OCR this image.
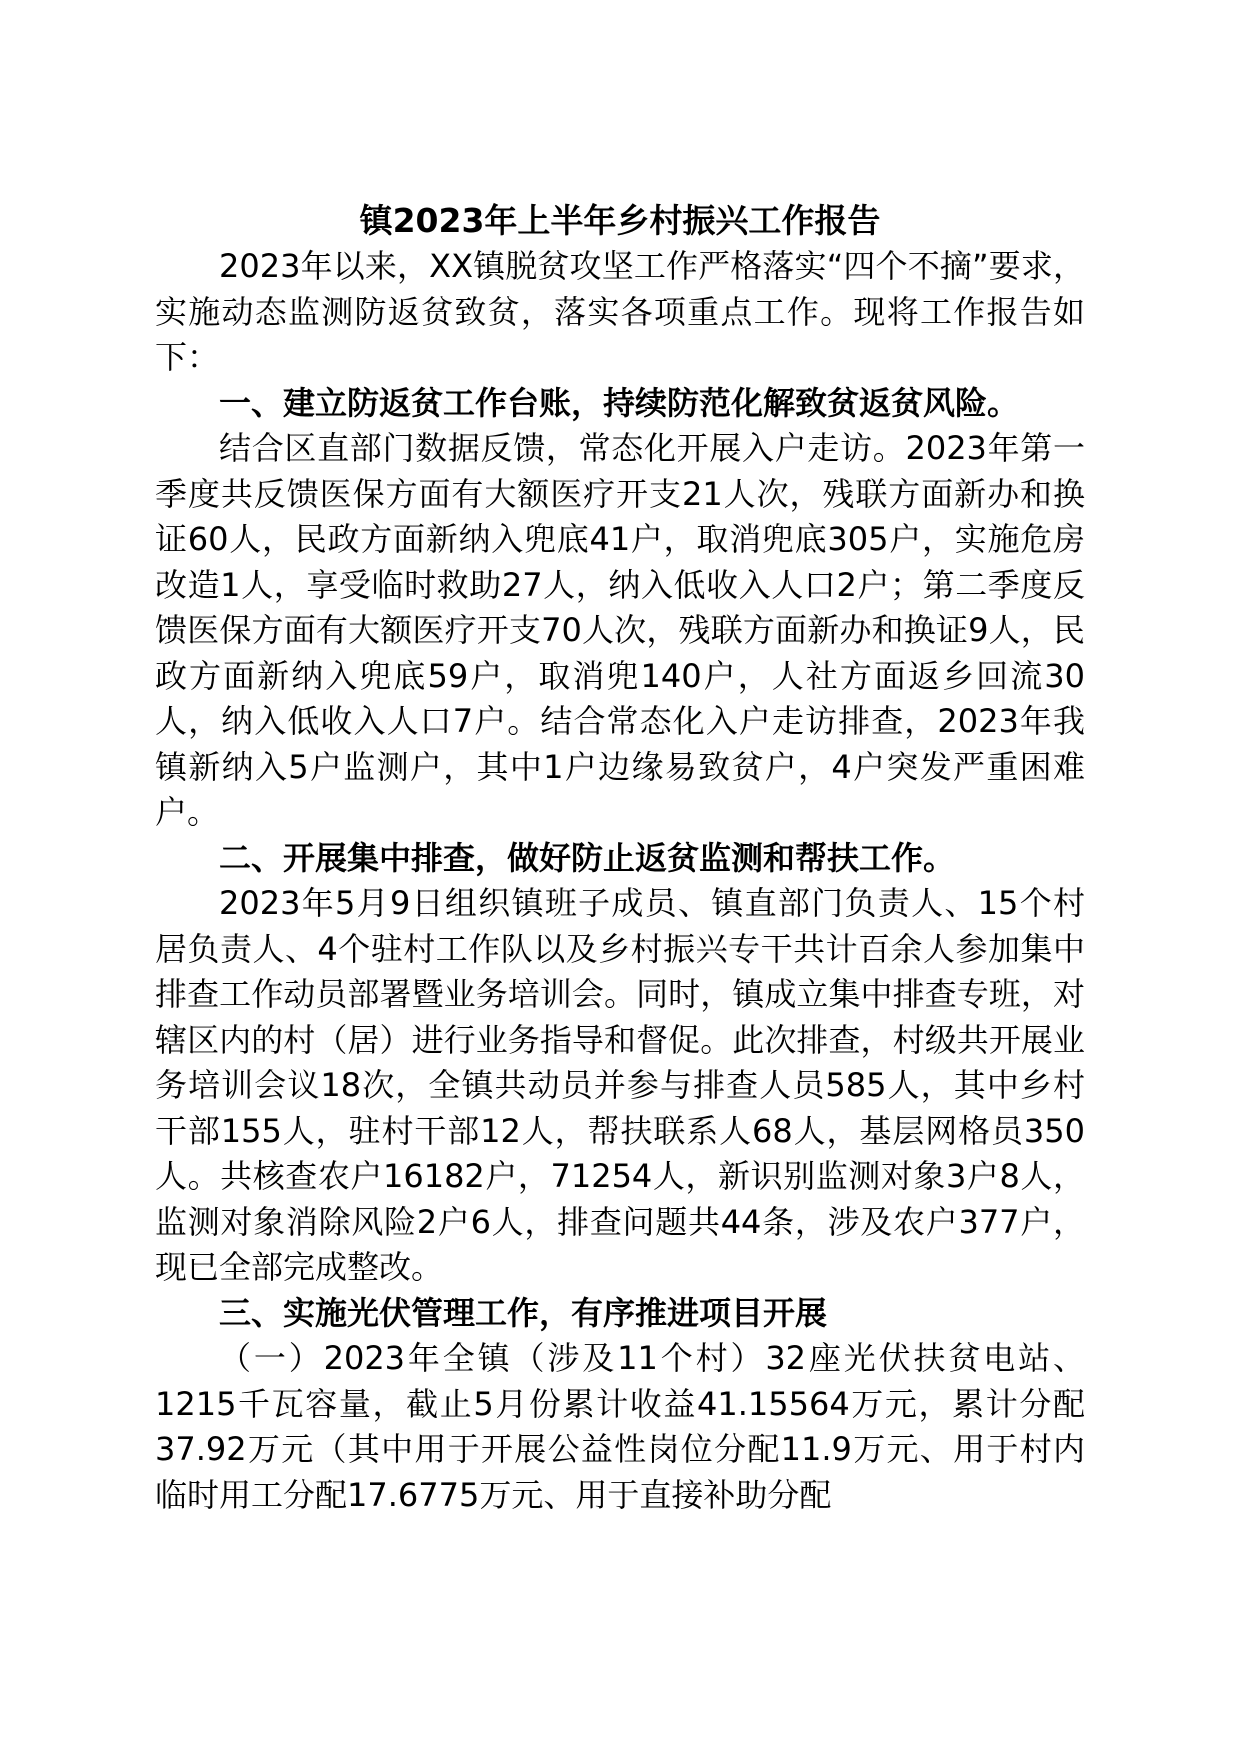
镇2023年上半年乡村振兴工作报告

2023年以来，XX镇脱贫攻坚工作严格落实“四个不摘”要求，实施动态监测防返贫致贫，落实各项重点工作。现将工作报告如下：

一、建立防返贫工作台账，持续防范化解致贫返贫风险。

结合区直部门数据反馈，常态化开展入户走访。2023年第一季度共反馈医保方面有大额医疗开支21人次，残联方面新办和换证60人，民政方面新纳入兜底41户，取消兜底305户，实施危房改造1人，享受临时救助27人，纳入低收入人口2户；第二季度反馈医保方面有大额医疗开支70人次，残联方面新办和换证9人，民政方面新纳入兜底59户，取消兜140户，人社方面返乡回流30人，纳入低收入人口7户。结合常态化入户走访排查，2023年我镇新纳入5户监测户，其中1户边缘易致贫户，4户突发严重困难户。

二、开展集中排查，做好防止返贫监测和帮扶工作。

2023年5月9日组织镇班子成员、镇直部门负责人、15个村居负责人、4个驻村工作队以及乡村振兴专干共计百余人参加集中排查工作动员部署暨业务培训会。同时，镇成立集中排查专班，对辖区内的村（居）进行业务指导和督促。此次排查，村级共开展业务培训会议18次，全镇共动员并参与排查人员585人，其中乡村干部155人，驻村干部12人，帮扶联系人68人，基层网格员350人。共核查农户16182户，71254人，新识别监测对象3户8人，监测对象消除风险2户6人，排查问题共44条，涉及农户377户，现已全部完成整改。

三、实施光伏管理工作，有序推进项目开展

（一）2023年全镇（涉及11个村）32座光伏扶贫电站、1215千瓦容量，截止5月份累计收益41.15564万元，累计分配37.92万元（其中用于开展公益性岗位分配11.9万元、用于村内临时用工分配17.6775万元、用于直接补助分配
